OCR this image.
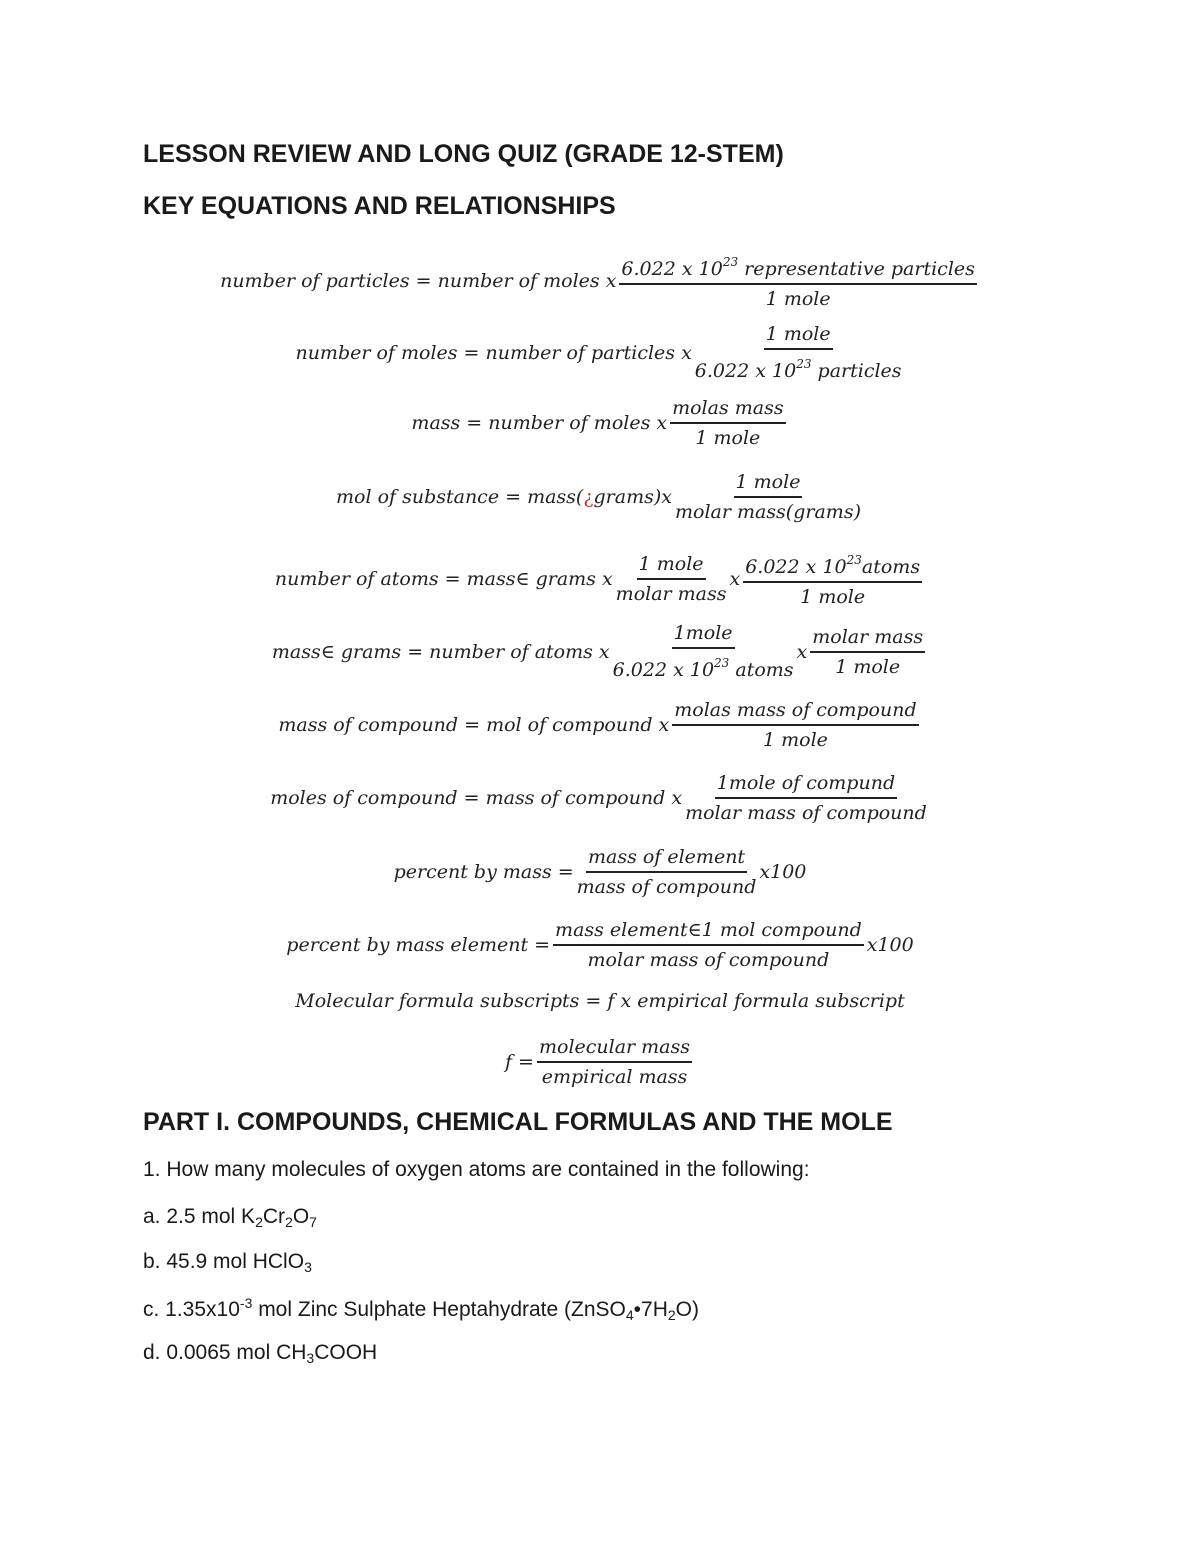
LESSON REVIEW AND LONG QUIZ (GRADE 12-STEM)
KEY EQUATIONS AND RELATIONSHIPS
number of particles = number of moles x
6.022 x $10^{23}$ representative particles
1 mole
number of moles = number of particles x $\frac{\text{1 mole}}{6.022 x 10^{23} particles}$
mass = number of moles x $\frac{\text{molas mass}}{\text{1 mole}}$
mol of substance = mass( ¿ grams)x $\frac{\text{1 mole}}{\text{molar mass(grams)}}$
number of atoms = mass∈ grams x $\frac{\text{1 mole}}{\text{molar mass}}$ x $\frac{6.022 x 10^{23}atoms}{\text{1 mole}}$
mass∈ grams = number of atoms x $\frac{\text{1mole}}{6.022 x 10^{23} atoms}$ x $\frac{\text{molar mass}}{\text{1 mole}}$
mass of compound = mol of compound x $\frac{\text{molas mass of compound}}{\text{1 mole}}$
moles of compound = mass of compound x $\frac{\text{1mole of compund}}{\text{molar mass of compound}}$
percent by mass = $\frac{\text{mass of element}}{\text{mass of compound}} x100$
percent by mass element = $\frac{\text{mass element∈1 mol compound}}{\text{molar mass of compound}} x100$
Molecular formula subscripts = f x empirical formula subscript
$f = \frac{\text{molecular mass}}{\text{empirical mass}}$
PART I. COMPOUNDS, CHEMICAL FORMULAS AND THE MOLE
1. How many molecules of oxygen atoms are contained in the following:
a. 2.5 mol $K_2Cr_2O_7$
b. 45.9 mol HClO$_3$
c. $1.35x10^{-3}$ mol Zinc Sulphate Heptahydrate $(ZnSO_4•7H_2O)$
d. 0.0065 mol $CH_3COOH$
